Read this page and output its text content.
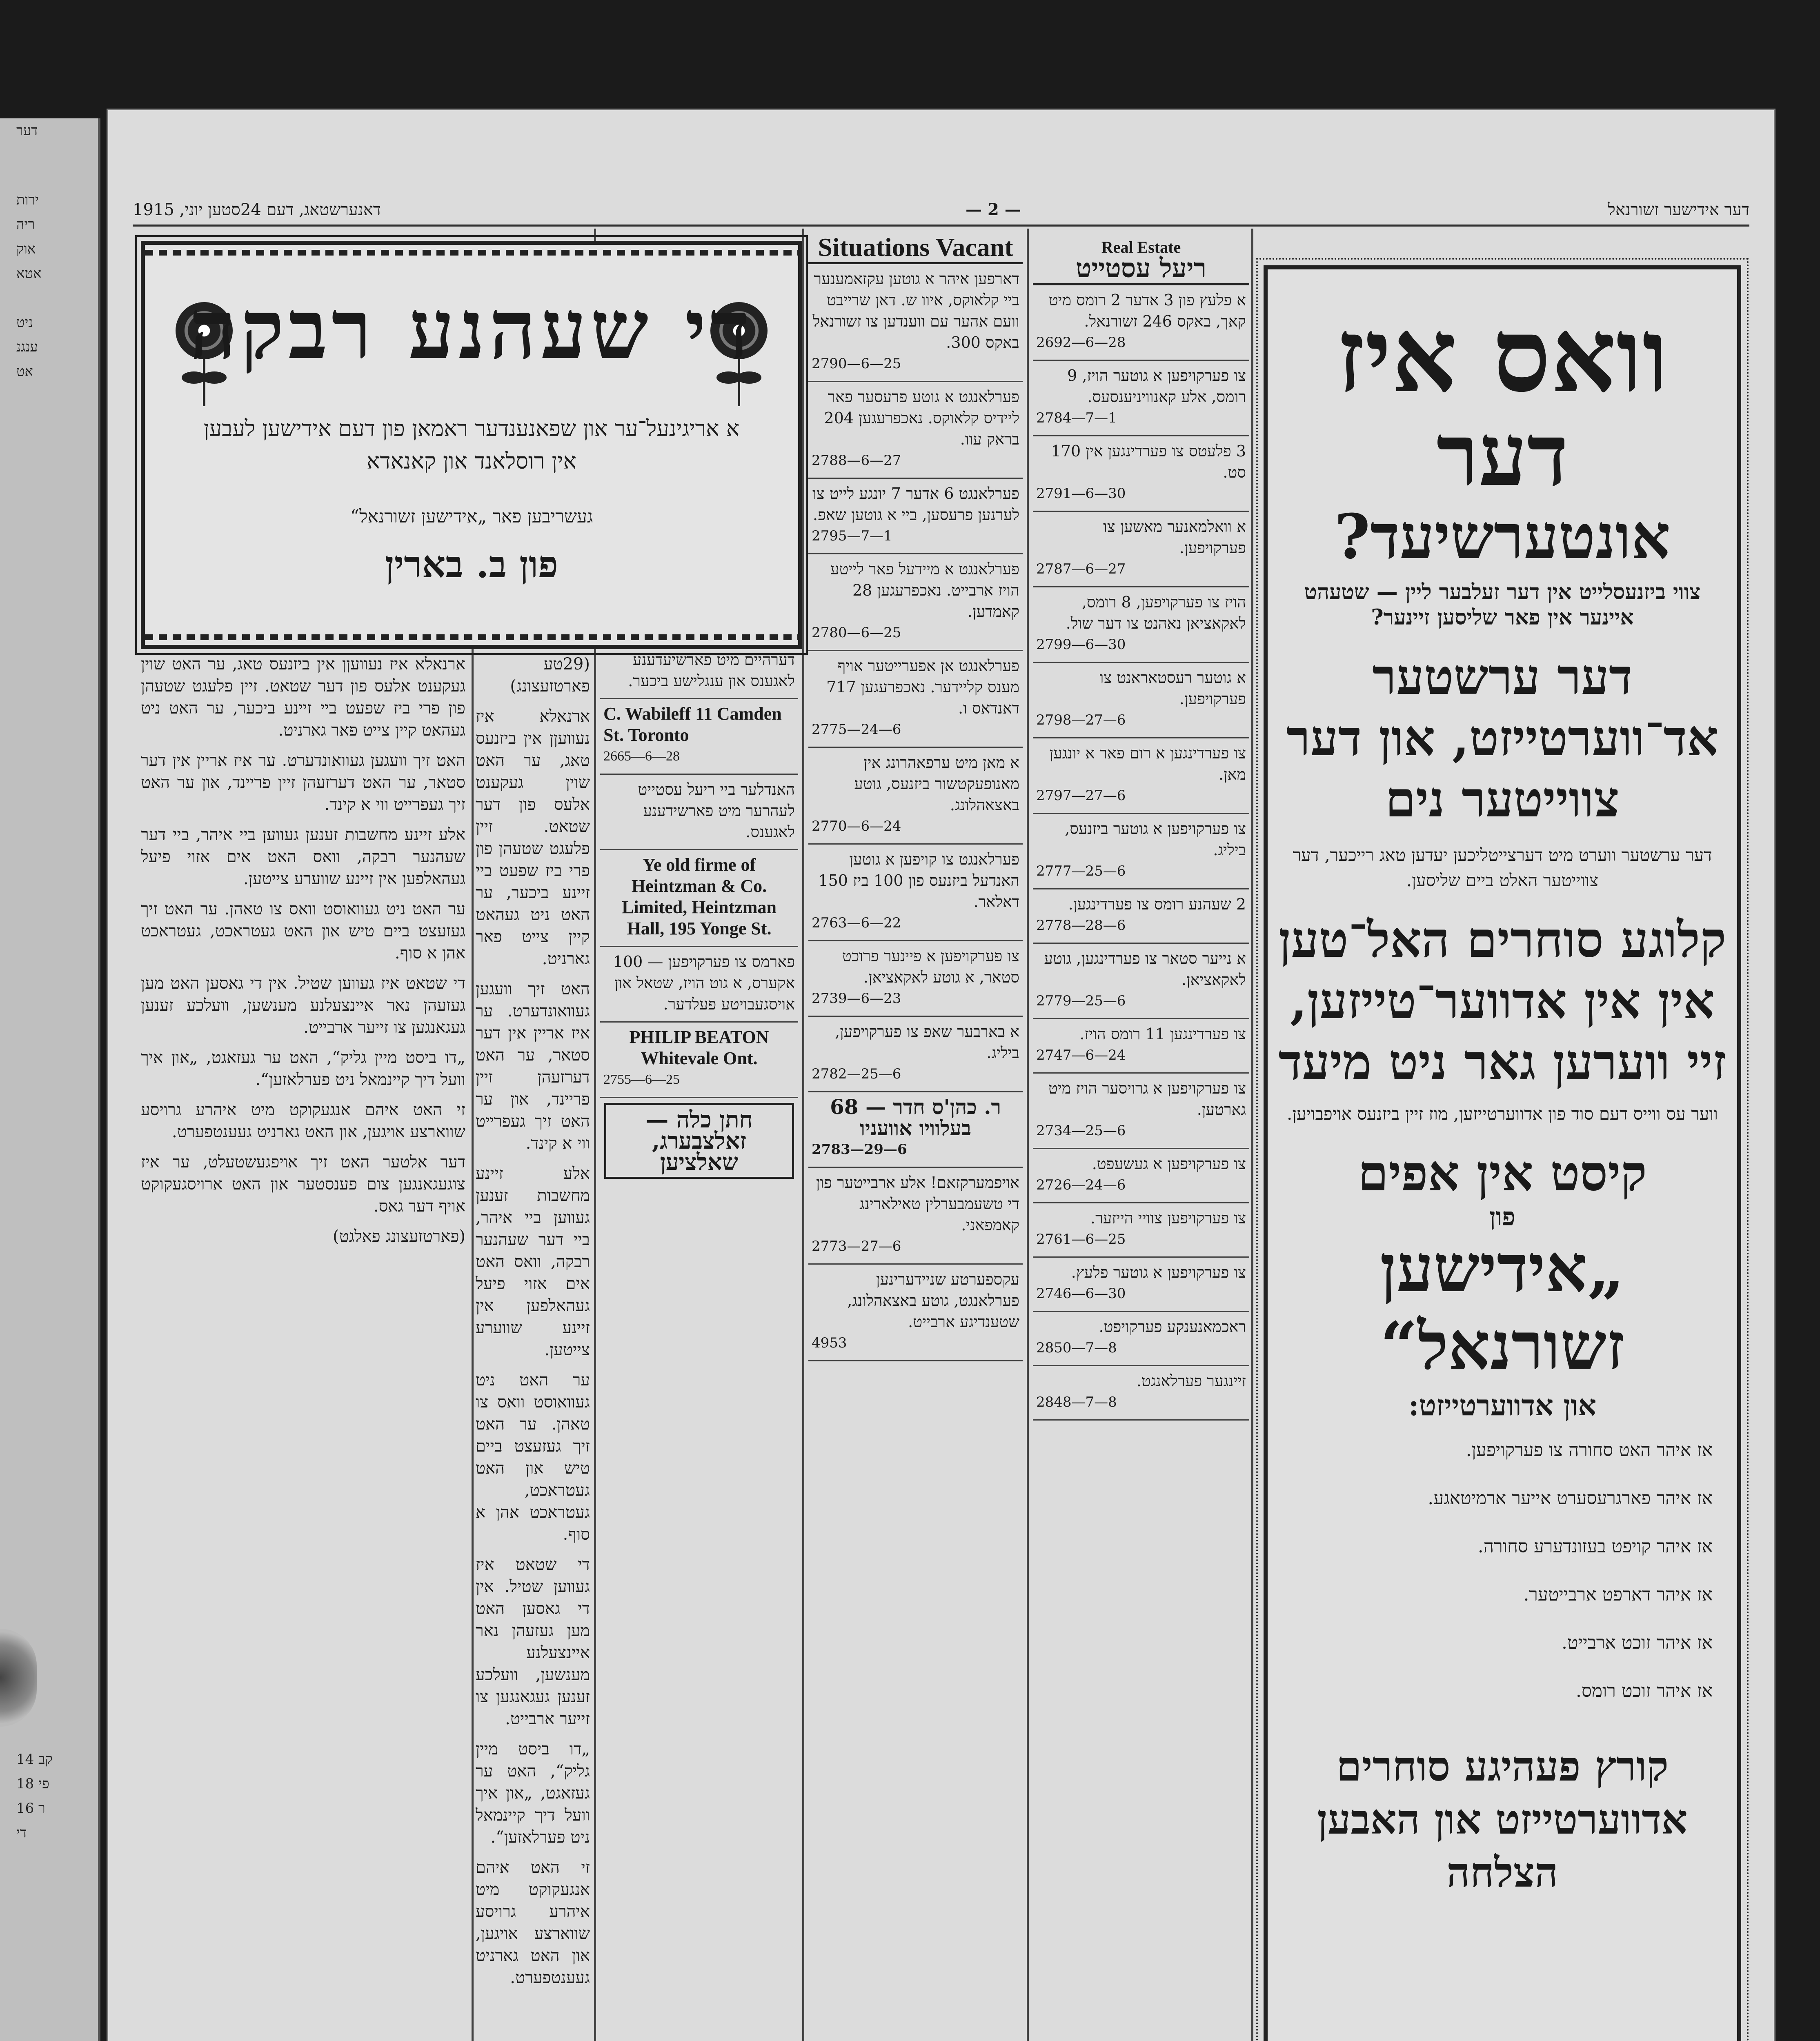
דער
ירות
ריה
אוק
אטא
ניט
ענגנ
אט
14 קב
18 פי
16 ר
די
דער אידישער זשורנאל
— 2 —
דאנערשטאג, דעם 24סטען יוני, 1915
די שעהנע רבקה
א אריגינעל־ער און שפאנענדער ראמאן פון דעם אידישען לעבען אין רוסלאנד און קאנאדא
געשריבען פאר „אידישען זשורנאל“
פון ב. בארין

(29טע פארטזעצונג)

ארנאלא איז נעוועןן אין ביזנעס טאג, ער האט שוין געקענט אלעס פון דער שטאט. זיין פלעגט שטעהן פון פרי ביז שפעט ביי זיינע ביכער, ער האט ניט געהאט קיין צייט פאר גארניט.

האט זיך וועגען געוואונדערט. ער איז אריין אין דער סטאר, ער האט דערזעהן זיין פריינד, און ער האט זיך געפרייט ווי א קינד.

אלע זיינע מחשבות זענען געווען ביי איהר, ביי דער שעהנער רבקה, וואס האט אים אזוי פיעל געהאלפען אין זיינע שווערע צייטען.

ער האט ניט געוואוסט וואס צו טאהן. ער האט זיך געזעצט ביים טיש און האט געטראכט, געטראכט אהן א סוף.

די שטאט איז געווען שטיל. אין די גאסען האט מען געזעהן נאר איינצעלנע מענשען, וועלכע זענען געגאנגען צו זייער ארבייט.

„דו ביסט מיין גליק“, האט ער געזאגט, „און איך וועל דיך קיינמאל ניט פערלאזען“.

זי האט איהם אנגעקוקט מיט איהרע גרויסע שווארצע אויגען, און האט גארניט געענטפערט.

ארנאלא איז נעוועןן אין ביזנעס טאג, ער האט שוין געקענט אלעס פון דער שטאט. זיין פלעגט שטעהן פון פרי ביז שפעט ביי זיינע ביכער, ער האט ניט געהאט קיין צייט פאר גארניט.

האט זיך וועגען געוואונדערט. ער איז אריין אין דער סטאר, ער האט דערזעהן זיין פריינד, און ער האט זיך געפרייט ווי א קינד.

אלע זיינע מחשבות זענען געווען ביי איהר, ביי דער שעהנער רבקה, וואס האט אים אזוי פיעל געהאלפען אין זיינע שווערע צייטען.

ער האט ניט געוואוסט וואס צו טאהן. ער האט זיך געזעצט ביים טיש און האט געטראכט, געטראכט אהן א סוף.

די שטאט איז געווען שטיל. אין די גאסען האט מען געזעהן נאר איינצעלנע מענשען, וועלכע זענען געגאנגען צו זייער ארבייט.

„דו ביסט מיין גליק“, האט ער געזאגט, „און איך וועל דיך קיינמאל ניט פערלאזען“.

זי האט איהם אנגעקוקט מיט איהרע גרויסע שווארצע אויגען, און האט גארניט געענטפערט.

דער אלטער האט זיך אויפגעשטעלט, ער איז צוגעגאנגען צום פענסטער און האט ארויסגעקוקט אויף דער גאס.

(פארטזעצונג פאלגט)

דערהיים מיט פארשיעדענע לאגענס און ענגלישע ביכער.
C. Wabileff 11 Camden St. Toronto
2665—6—28
האנדלער ביי ריעל עסטייט לעהרער מיט פארשידענע לאגענס.
Ye old firme of Heintzman & Co. Limited, Heintzman Hall, 195 Yonge St.
פארמס צו פערקויפען — 100 אקערס, א גוט הויז, שטאל און אויסגעבויטע פעלדער.
PHILIP BEATON Whitevale Ont.
2755—6—25
חתן כלה — זאלצבערג, שאלציען
Situations Vacant
דארפען איהר א גוטען עקזאמענער ביי קלאוקס, איוו ש. דאן שרייבט וועם אהער עם ווענדען צו זשורנאל באקס 300.
2790—6—25
פערלאנגט א גוטע פרעסער פאר ליידיס קלאוקס. נאכפרעגען 204 בראק עוו.
2788—6—27
פערלאנגט 6 אדער 7 יונגע לייט צו לערנען פרעסען, ביי א גוטען שאפ.
2795—7—1
פערלאנגט א מיידעל פאר לייטע הויז ארבייט. נאכפרעגען 28 קאמדען.
2780—6—25
פערלאנגט אן אפערייטער אויף מענס קליידער. נאכפרעגען 717 דאנדאס ו.
2775—24—6
א מאן מיט ערפאהרונג אין מאנופעקטשור ביזנעס, גוטע באצאהלונג.
2770—6—24
פערלאנגט צו קויפען א גוטען האנדעל ביזנעס פון 100 ביז 150 דאלאר.
2763—6—22
צו פערקויפען א פיינער פרוכט סטאר, א גוטע לאקאציאן.
2739—6—23
א בארבער שאפ צו פערקויפען, ביליג.
2782—25—6
ר. כהן'ס חדר — 68 בעלוויו אוועניו
2783—29—6
אויפמערקזאם! אלע ארבייטער פון די טשעמבערלין טאילארינג קאמפאני.
2773—27—6
עקספערטע שניידערינען פערלאנגט, גוטע באצאהלונג, שטענדיגע ארבייט.
4953
Real Estate
ריעל עסטייט
א פלעץ פון 3 אדער 2 רומס מיט קאך, באקס 246 זשורנאל.
2692—6—28
צו פערקויפען א גוטער הויז, 9 רומס, אלע קאנוויניענסעס.
2784—7—1
3 פלעטס צו פערדינגען אין 170 סט.
2791—6—30
א וואלמאנער מאשען צו פערקויפען.
2787—6—27
הויז צו פערקויפען, 8 רומס, לאקאציאן נאהנט צו דער שול.
2799—6—30
א גוטער רעסטאראנט צו פערקויפען.
2798—27—6
צו פערדינגען א רום פאר א יונגען מאן.
2797—27—6
צו פערקויפען א גוטער ביזנעס, ביליג.
2777—25—6
2 שעהנע רומס צו פערדינגען.
2778—28—6
א נייער סטאר צו פערדינגען, גוטע לאקאציאן.
2779—25—6
צו פערדינגען 11 רומס הויז.
2747—6—24
צו פערקויפען א גרויסער הויז מיט גארטען.
2734—25—6
צו פערקויפען א געשעפט.
2726—24—6
צו פערקויפען צוויי הייזער.
2761—6—25
צו פערקויפען א גוטער פלעץ.
2746—6—30
ראכמאנענקע פערקויפט.
2850—7—8
זיינגער פערלאנגט.
2848—7—8
וואס איז
דער
אונטערשיעד?
צווי ביזנעסלייט אין דער זעלבער ליין — שטעהט איינער אין פאר שליסען זיינער?
דער ערשטער אד־ווערטייזט, און דער צווייטער נים
דער ערשטער ווערט מיט דערצייטליכען יעדען טאג רייכער, דער צווייטער האלט ביים שליסען.
קלוגע סוחרים האל־טען אין אין אדווער־טייזען, זיי ווערען גאר ניט מיעד
ווער עס ווייס דעם סוד פון אדווערטייזען, מוז זיין ביזנעס אויפבויען.
קיסט אין אפים
פון
„אידישען זשורנאל“
און אדווערטייזט:
אז איהר האט סחורה צו פערקויפען.
אז איהר פארגרעסערט אייער ארמיטאגע.
אז איהר קויפט בעזונדערע סחורה.
אז איהר דארפט ארבייטער.
אז איהר זוכט ארבייט.
אז איהר זוכט רומס.
קורץ פעהיגע סוחרים אדווערטייזט און האבען הצלחה
